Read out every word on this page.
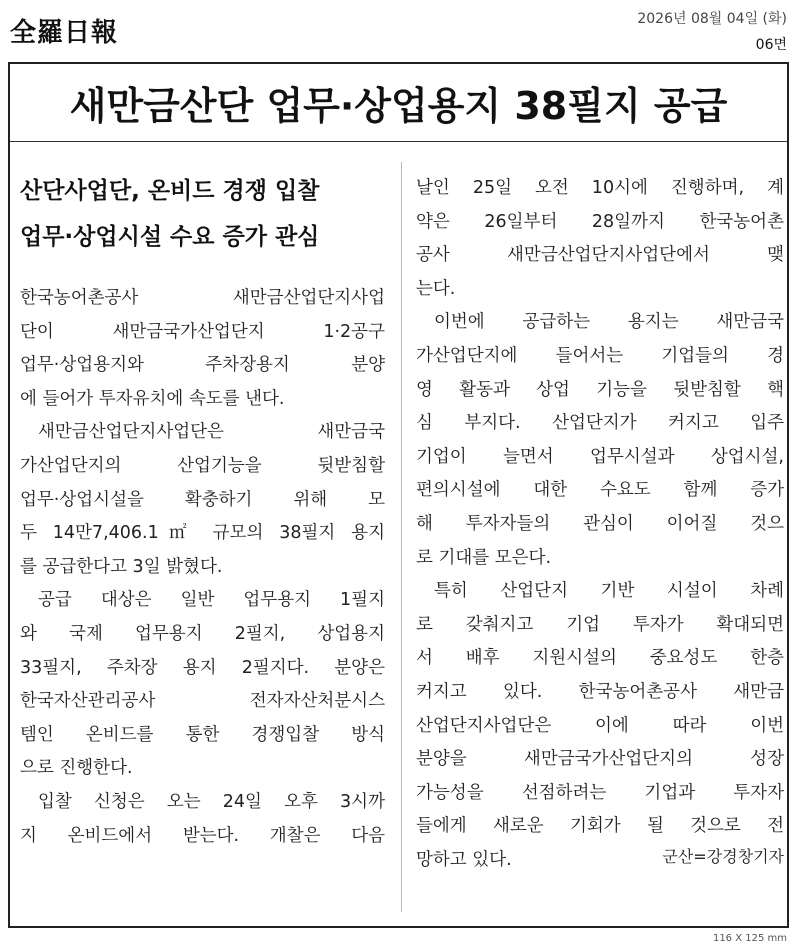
全羅日報	2026년 08월 04일 (화)
06면
새만금산단 업무·상업용지 38필지 공급
산단사업단, 온비드 경쟁 입찰
업무·상업시설 수요 증가 관심
한국농어촌공사 새만금산업단지사업
단이 새만금국가산업단지 1·2공구
업무·상업용지와 주차장용지 분양
에 들어가 투자유치에 속도를 낸다.
새만금산업단지사업단은 새만금국
가산업단지의 산업기능을 뒷받침할
업무·상업시설을 확충하기 위해 모
두 14만7,406.1㎡ 규모의 38필지 용지
를 공급한다고 3일 밝혔다.
공급 대상은 일반 업무용지 1필지
와 국제 업무용지 2필지, 상업용지
33필지, 주차장 용지 2필지다. 분양은
한국자산관리공사 전자자산처분시스
템인 온비드를 통한 경쟁입찰 방식
으로 진행한다.
입찰 신청은 오는 24일 오후 3시까
지 온비드에서 받는다. 개찰은 다음
날인 25일 오전 10시에 진행하며, 계
약은 26일부터 28일까지 한국농어촌
공사 새만금산업단지사업단에서 맺
는다.
이번에 공급하는 용지는 새만금국
가산업단지에 들어서는 기업들의 경
영 활동과 상업 기능을 뒷받침할 핵
심 부지다. 산업단지가 커지고 입주
기업이 늘면서 업무시설과 상업시설,
편의시설에 대한 수요도 함께 증가
해 투자자들의 관심이 이어질 것으
로 기대를 모은다.
특히 산업단지 기반 시설이 차례
로 갖춰지고 기업 투자가 확대되면
서 배후 지원시설의 중요성도 한층
커지고 있다. 한국농어촌공사 새만금
산업단지사업단은 이에 따라 이번
분양을 새만금국가산업단지의 성장
가능성을 선점하려는 기업과 투자자
들에게 새로운 기회가 될 것으로 전
망하고 있다.	군산=강경창기자
116 X 125 mm
